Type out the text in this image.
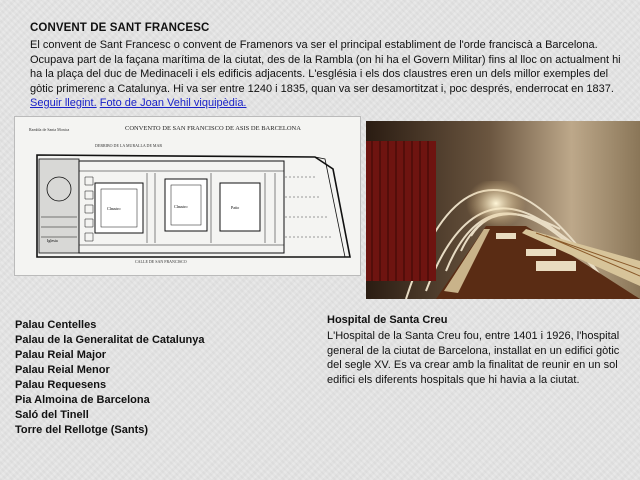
CONVENT DE SANT FRANCESC
El convent de Sant Francesc o convent de Framenors va ser el principal establiment de l'orde franciscà a Barcelona. Ocupava part de la façana marítima de la ciutat, des de la Rambla (on hi ha el Govern Militar) fins al lloc on actualment hi ha la plaça del duc de Medinaceli i els edificis adjacents. L'església i els dos claustres eren un dels millor exemples del gòtic primerenc a Catalunya. Hi va ser entre 1240 i 1835, quan va ser desamortitzat i, poc després, enderrocat en 1837. Seguir llegint. Foto de Joan Vehil viquipèdia.
CONVENTO DE SAN FRANCISCO DE ASIS DE BARCELONA
Rambla de Santa Monica
DERRIBO DE LA MURALLA DE MAR
CALLE DE SAN FRANCISCO
Claustro	Claustro
Iglesia
Patio
Palau Centelles
Palau de la Generalitat de Catalunya
Palau Reial Major
Palau Reial Menor
Palau Requesens
Pia Almoina de Barcelona
Saló del Tinell
Torre del Rellotge (Sants)
Hospital de Santa Creu
L'Hospital de la Santa Creu fou, entre 1401 i 1926, l'hospital general de la ciutat de Barcelona, installat en un edifici gòtic del segle XV. Es va crear amb la finalitat de reunir en un sol edifici els diferents hospitals que hi havia a la ciutat.
